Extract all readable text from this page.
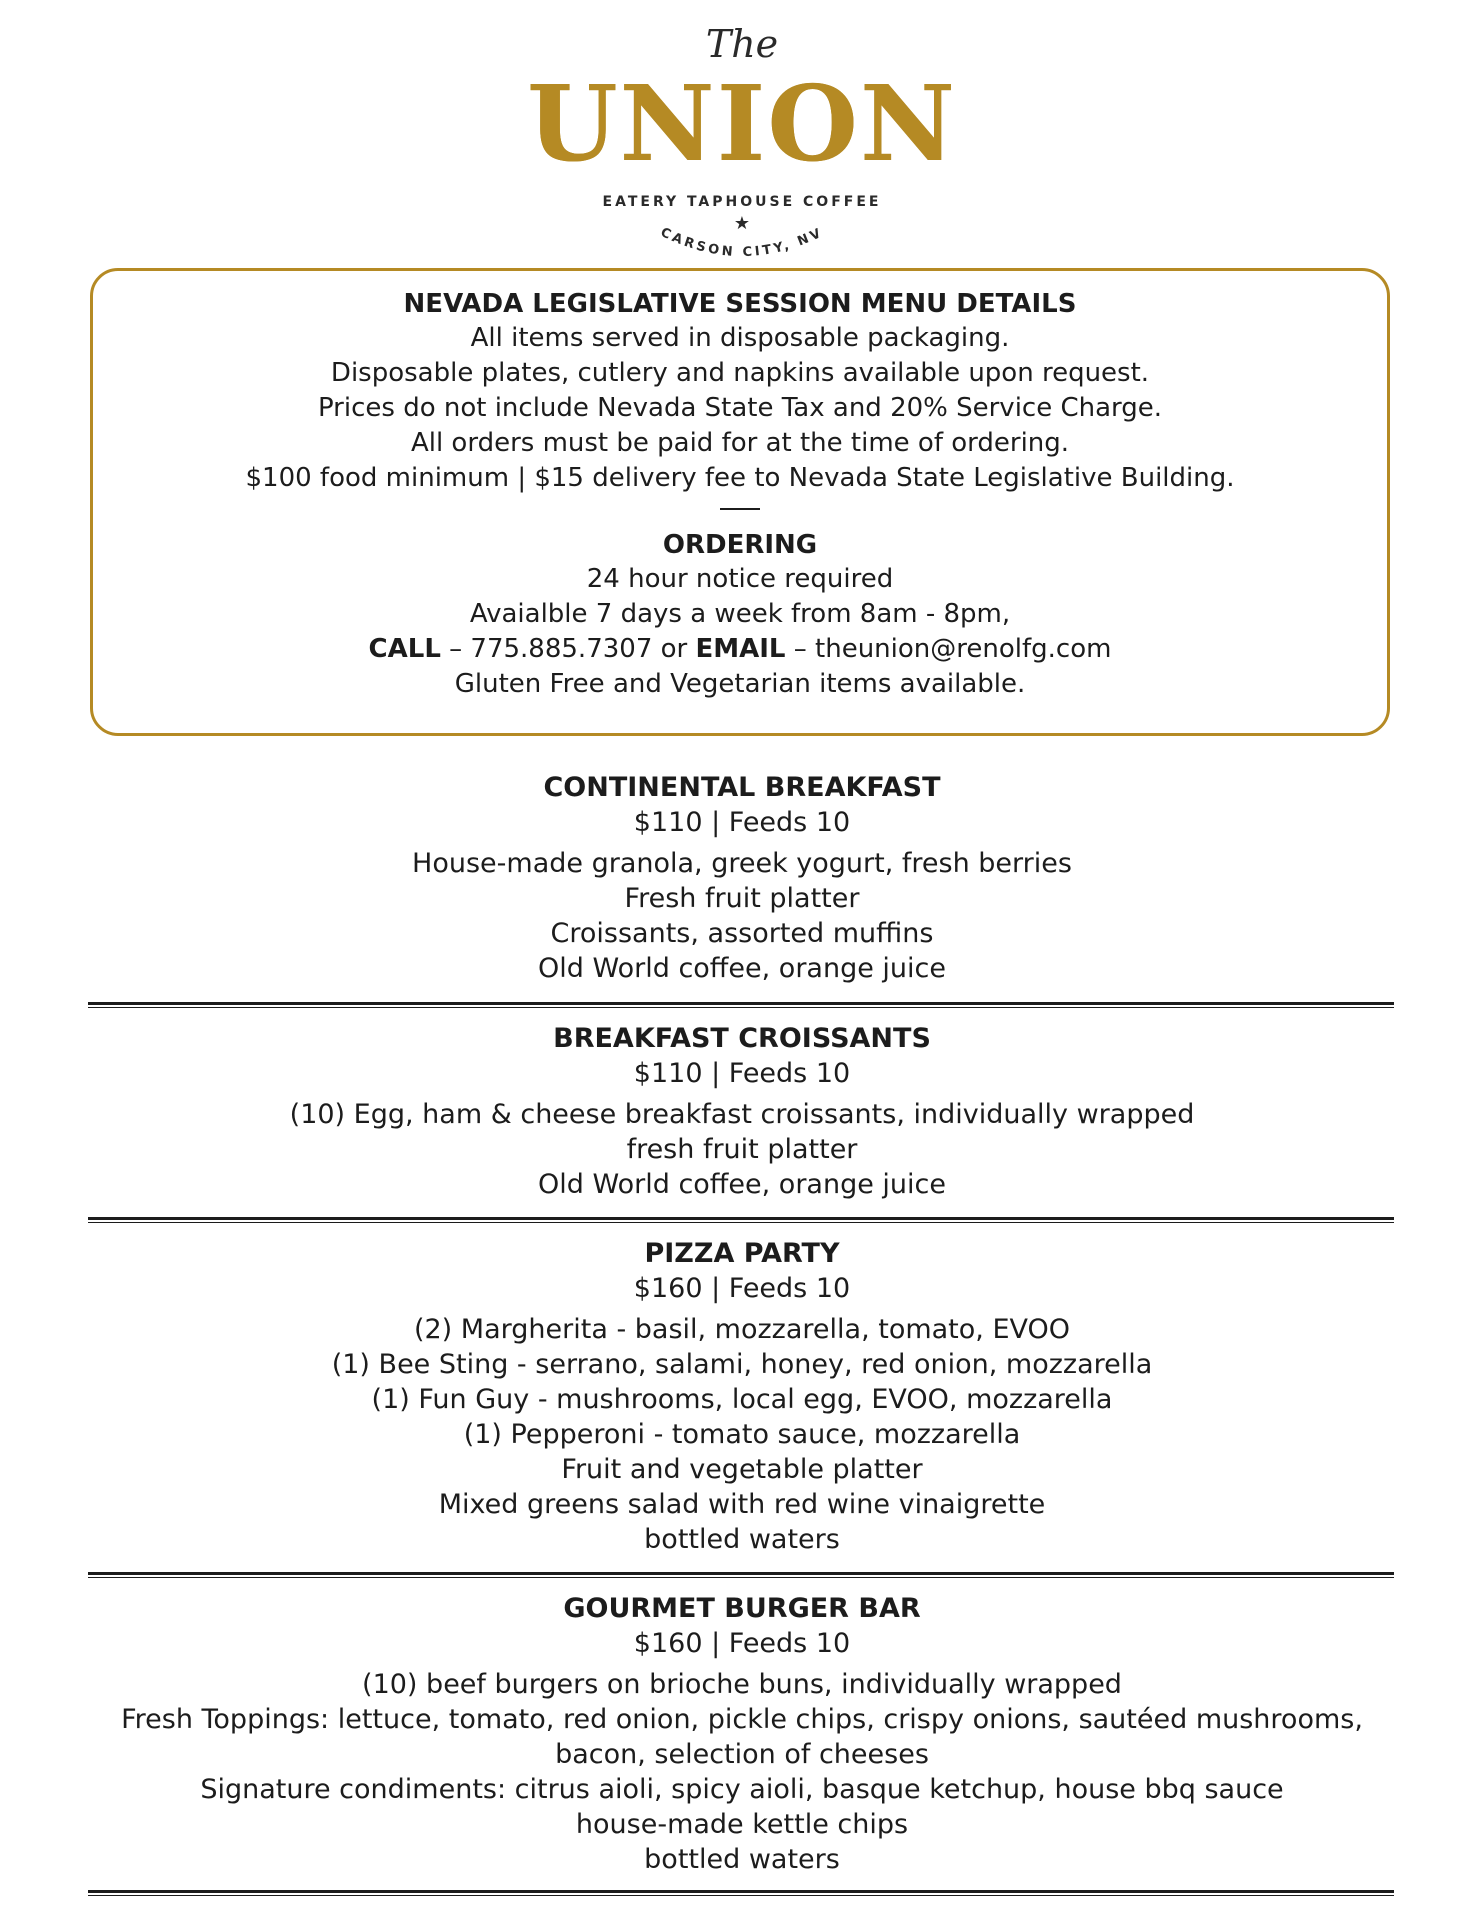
The
UNION
EATERY TAPHOUSE COFFEE
★
CARSON CITY, NV
NEVADA LEGISLATIVE SESSION MENU DETAILS
All items served in disposable packaging.
Disposable plates, cutlery and napkins available upon request.
Prices do not include Nevada State Tax and 20% Service Charge.
All orders must be paid for at the time of ordering.
$100 food minimum | $15 delivery fee to Nevada State Legislative Building.
ORDERING
24 hour notice required
Avaialble 7 days a week from 8am - 8pm,
CALL – 775.885.7307 or EMAIL – theunion@renolfg.com
Gluten Free and Vegetarian items available.
CONTINENTAL BREAKFAST
$110 | Feeds 10
House-made granola, greek yogurt, fresh berries
Fresh fruit platter
Croissants, assorted muffins
Old World coffee, orange juice
BREAKFAST CROISSANTS
$110 | Feeds 10
(10) Egg, ham & cheese breakfast croissants, individually wrapped
fresh fruit platter
Old World coffee, orange juice
PIZZA PARTY
$160 | Feeds 10
(2) Margherita - basil, mozzarella, tomato, EVOO
(1) Bee Sting - serrano, salami, honey, red onion, mozzarella
(1) Fun Guy - mushrooms, local egg, EVOO, mozzarella
(1) Pepperoni - tomato sauce, mozzarella
Fruit and vegetable platter
Mixed greens salad with red wine vinaigrette
bottled waters
GOURMET BURGER BAR
$160 | Feeds 10
(10) beef burgers on brioche buns, individually wrapped
Fresh Toppings: lettuce, tomato, red onion, pickle chips, crispy onions, sautéed mushrooms,
bacon, selection of cheeses
Signature condiments: citrus aioli, spicy aioli, basque ketchup, house bbq sauce
house-made kettle chips
bottled waters
